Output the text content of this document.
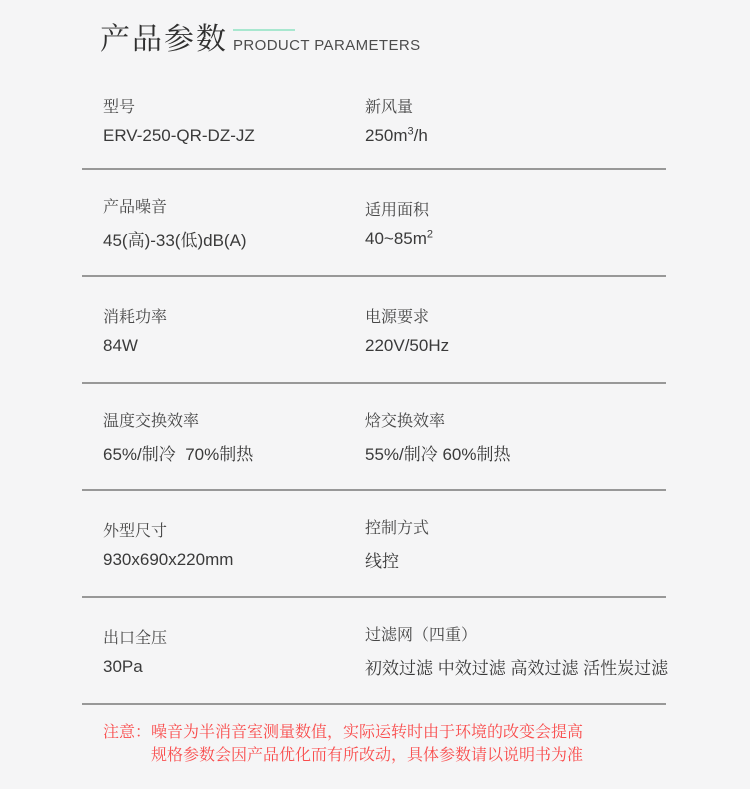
产品参数 PRODUCT PARAMETERS
型号
ERV-250-QR-DZ-JZ
新风量
$250m^3/h$
产品噪音
45(高)-33(低)dB(A)
适用面积
$40\sim 85m^2$
消耗功率
84W
电源要求
220V/50Hz
温度交换效率
65%/制冷  70%制热
焓交换效率
55%/制冷 60%制热
外型尺寸
930x690x220mm
控制方式
线控
出口全压
30Pa
过滤网（四重）
初效过滤 中效过滤 高效过滤 活性炭过滤
注意： 噪音为半消音室测量数值，实际运转时由于环境的改变会提高
规格参数会因产品优化而有所改动，具体参数请以说明书为准
